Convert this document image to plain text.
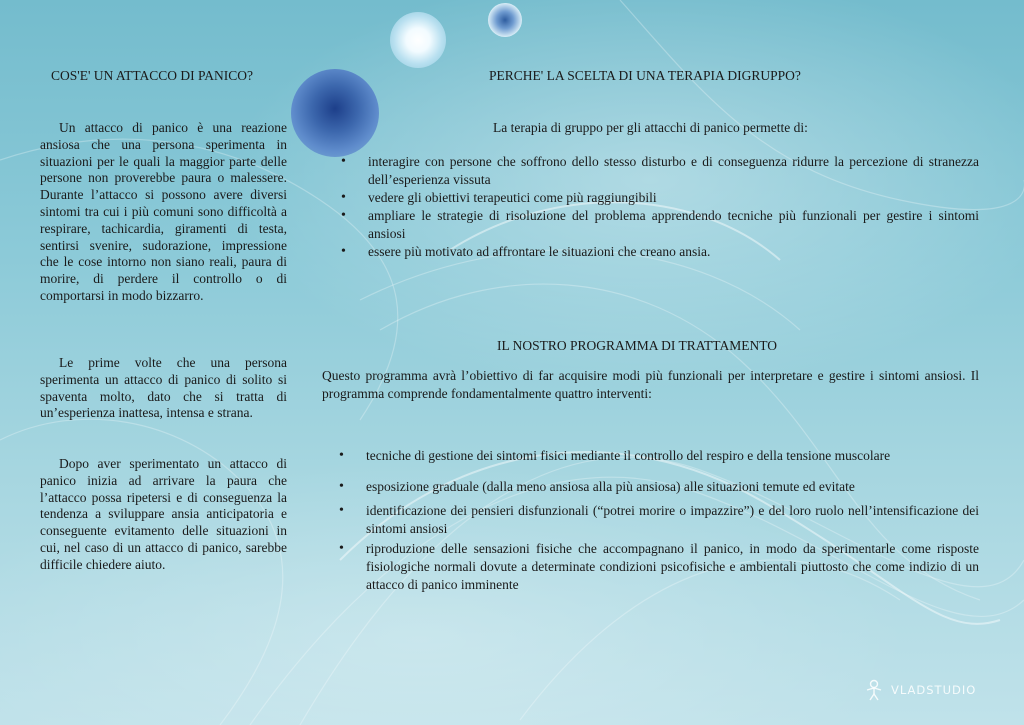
COS'E' UN ATTACCO DI PANICO?

Un attacco di panico è una reazione ansiosa che una persona sperimenta in situazioni per le quali la maggior parte delle persone non proverebbe paura o malessere. Durante l’attacco si possono avere diversi sintomi tra cui i più comuni sono difficoltà a respirare, tachicardia, giramenti di testa, sentirsi svenire, sudorazione, impressione che le cose intorno non siano reali, paura di morire, di perdere il controllo o di comportarsi in modo bizzarro.

Le prime volte che una persona sperimenta un attacco di panico di solito si spaventa molto, dato che si tratta di un’esperienza inattesa, intensa e strana.

Dopo aver sperimentato un attacco di panico inizia ad arrivare la paura che l’attacco possa ripetersi e di conseguenza la tendenza a sviluppare ansia anticipatoria e conseguente evitamento delle situazioni in cui, nel caso di un attacco di panico, sarebbe difficile chiedere aiuto.

PERCHE' LA SCELTA DI UNA TERAPIA DIGRUPPO?
La terapia di gruppo per gli attacchi di panico permette di:
• interagire con persone che soffrono dello stesso disturbo e di conseguenza ridurre la percezione di stranezza dell’esperienza vissuta
• vedere gli obiettivi terapeutici come più raggiungibili
• ampliare le strategie di risoluzione del problema apprendendo tecniche più funzionali per gestire i sintomi ansiosi
• essere più motivato ad affrontare le situazioni che creano ansia.
IL NOSTRO PROGRAMMA DI TRATTAMENTO

Questo programma avrà l’obiettivo di far acquisire modi più funzionali per interpretare e gestire i sintomi ansiosi. Il programma comprende fondamentalmente quattro interventi:

• tecniche di gestione dei sintomi fisici mediante il controllo del respiro e della tensione muscolare
• esposizione graduale (dalla meno ansiosa alla più ansiosa) alle situazioni temute ed evitate
• identificazione dei pensieri disfunzionali (“potrei morire o impazzire”) e del loro ruolo nell’intensificazione dei sintomi ansiosi
• riproduzione delle sensazioni fisiche che accompagnano il panico, in modo da sperimentarle come risposte fisiologiche normali dovute a determinate condizioni psicofisiche e ambientali piuttosto che come indizio di un attacco di panico imminente
VLADSTUDIO
